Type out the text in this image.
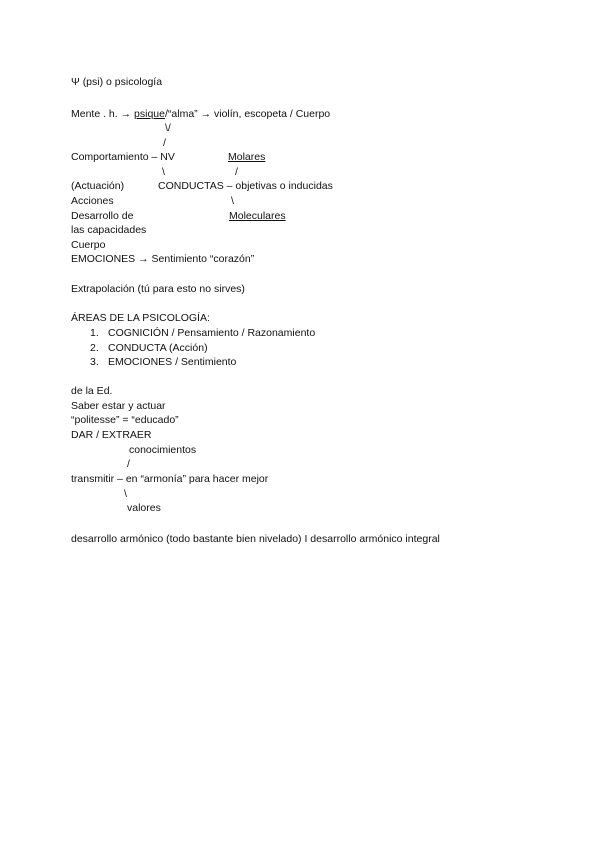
Ψ (psi) o psicología
Mente . h. → psique/“alma” → violín, escopeta / Cuerpo
\/
/
Comportamiento – NV	Molares
\	/
(Actuación)	CONDUCTAS – objetivas o inducidas
Acciones	\
Desarrollo de	Moleculares
las capacidades
Cuerpo
EMOCIONES → Sentimiento “corazón”
Extrapolación (tú para esto no sirves)
ÁREAS DE LA PSICOLOGÍA:
1. COGNICIÓN / Pensamiento / Razonamiento
2. CONDUCTA (Acción)
3. EMOCIONES / Sentimiento
de la Ed.
Saber estar y actuar
“politesse” = “educado”
DAR / EXTRAER
conocimientos
/
transmitir – en “armonía” para hacer mejor
\
valores
desarrollo armónico (todo bastante bien nivelado) I desarrollo armónico integral
